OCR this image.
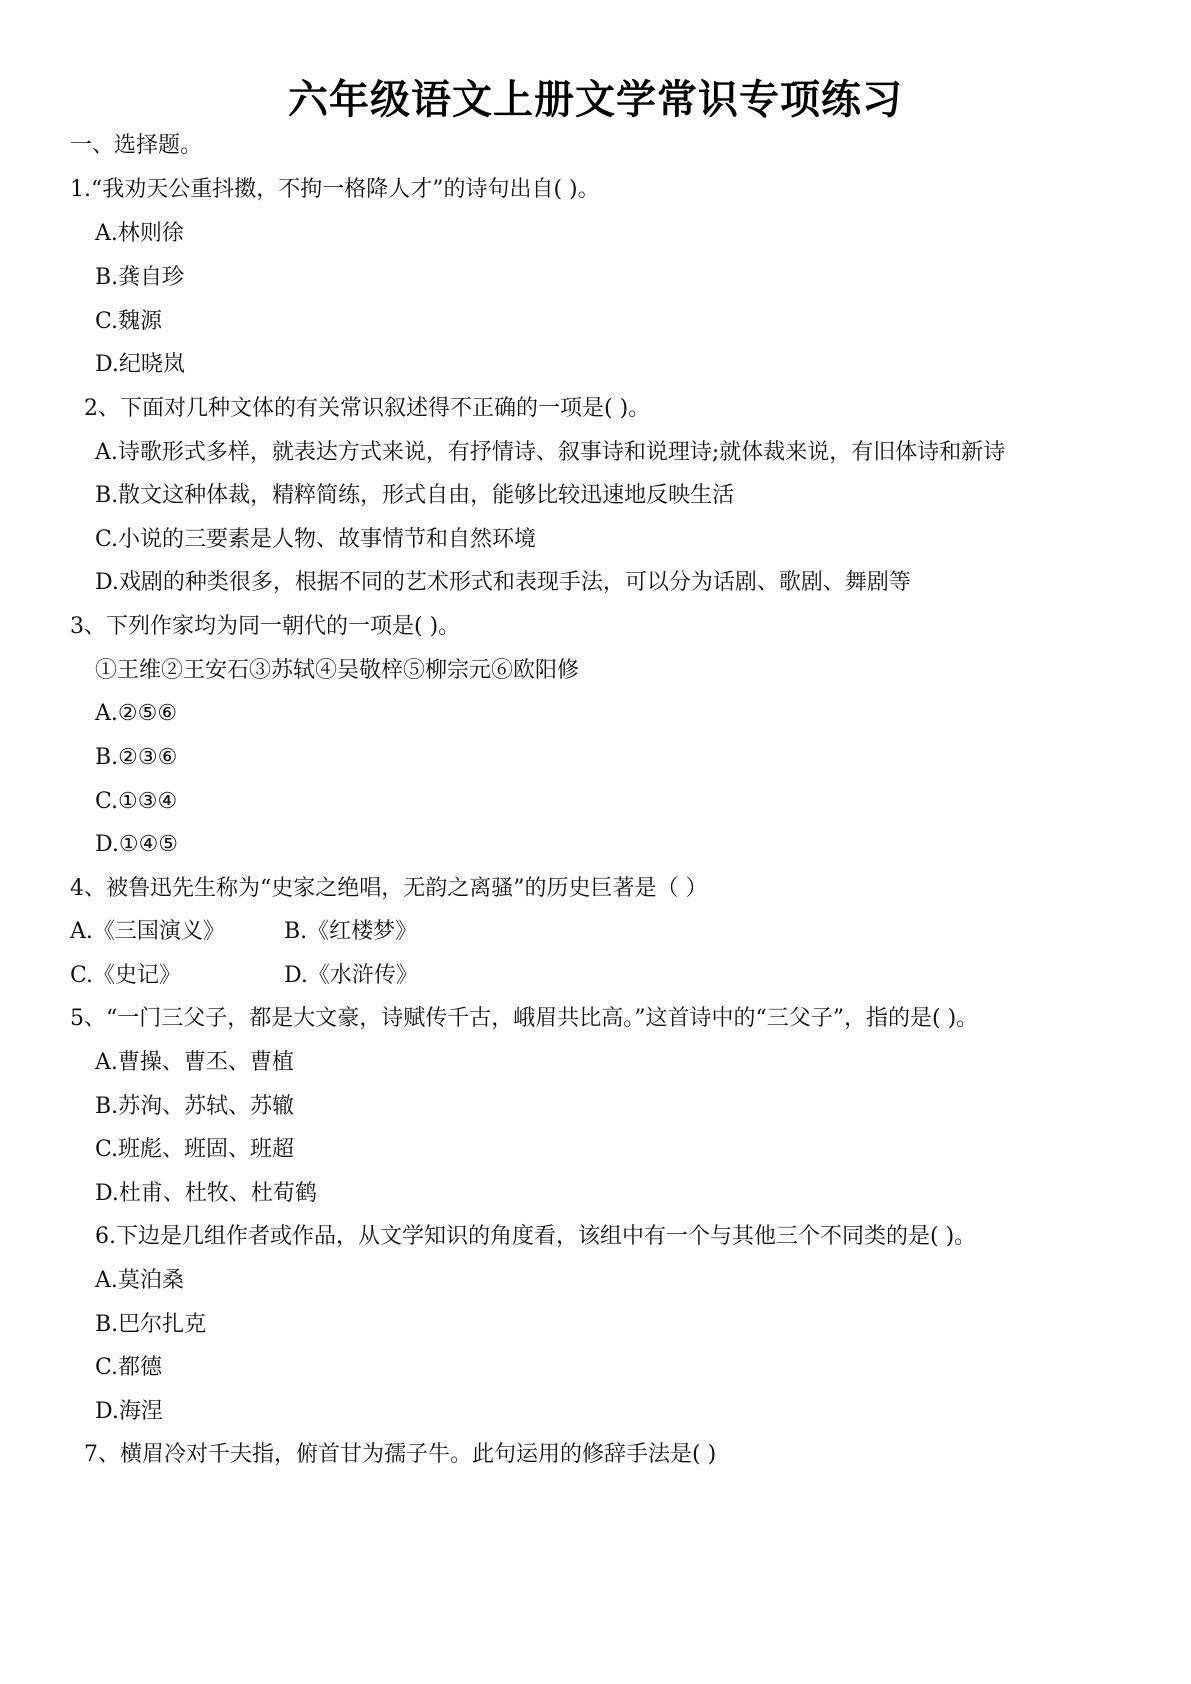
六年级语文上册文学常识专项练习
一、选择题。
1.“我劝天公重抖擞，不拘一格降人才”的诗句出自( )。
A.林则徐
B.龚自珍
C.魏源
D.纪晓岚
2、下面对几种文体的有关常识叙述得不正确的一项是( )。
A.诗歌形式多样，就表达方式来说，有抒情诗、叙事诗和说理诗;就体裁来说，有旧体诗和新诗
B.散文这种体裁，精粹简练，形式自由，能够比较迅速地反映生活
C.小说的三要素是人物、故事情节和自然环境
D.戏剧的种类很多，根据不同的艺术形式和表现手法，可以分为话剧、歌剧、舞剧等
3、下列作家均为同一朝代的一项是( )。
①王维②王安石③苏轼④吴敬梓⑤柳宗元⑥欧阳修
A.②⑤⑥
B.②③⑥
C.①③④
D.①④⑤
4、被鲁迅先生称为“史家之绝唱，无韵之离骚”的历史巨著是（ ）
A.《三国演义》	B.《红楼梦》
C.《史记》	D.《水浒传》
5、“一门三父子，都是大文豪，诗赋传千古，峨眉共比高。”这首诗中的“三父子”，指的是( )。
A.曹操、曹丕、曹植
B.苏洵、苏轼、苏辙
C.班彪、班固、班超
D.杜甫、杜牧、杜荀鹤
6.下边是几组作者或作品，从文学知识的角度看，该组中有一个与其他三个不同类的是( )。
A.莫泊桑
B.巴尔扎克
C.都德
D.海涅
7、横眉冷对千夫指，俯首甘为孺子牛。此句运用的修辞手法是( )
